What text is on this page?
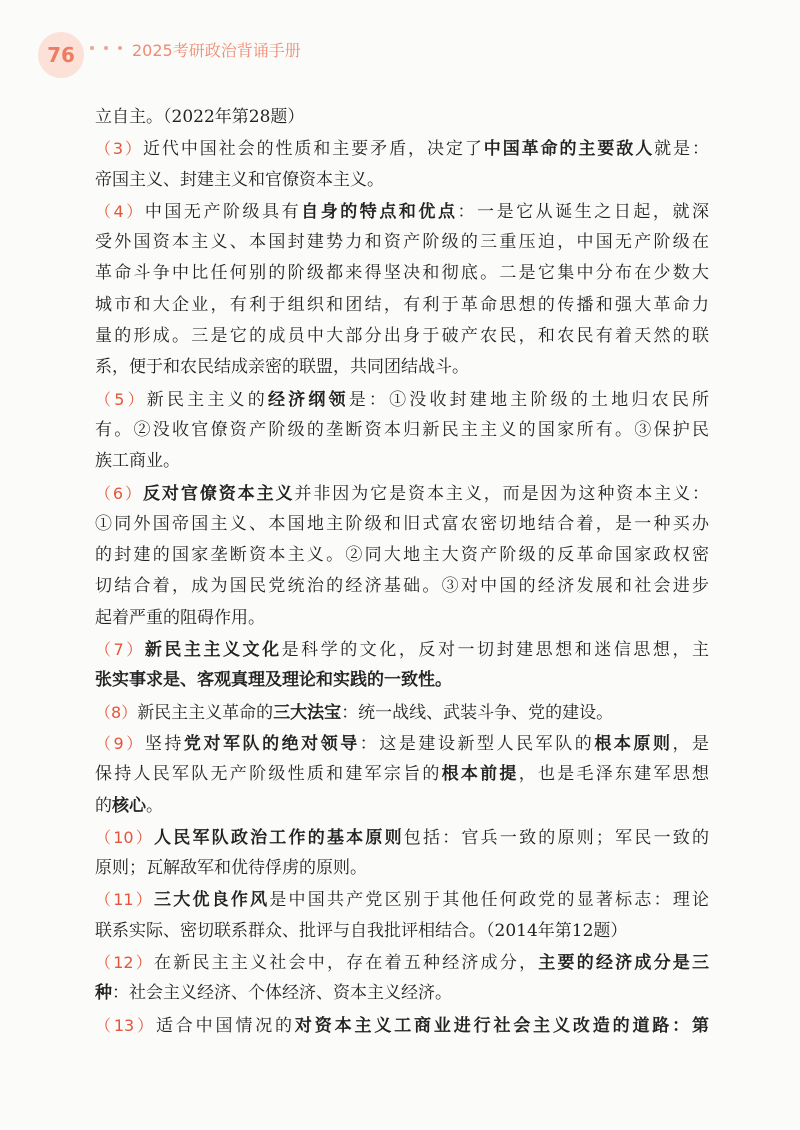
76	2025考研政治背诵手册
立自主。（2022年第28题）
（3）近代中国社会的性质和主要矛盾，决定了中国革命的主要敌人就是：
帝国主义、封建主义和官僚资本主义。
（4）中国无产阶级具有自身的特点和优点：一是它从诞生之日起，就深
受外国资本主义、本国封建势力和资产阶级的三重压迫，中国无产阶级在
革命斗争中比任何别的阶级都来得坚决和彻底。二是它集中分布在少数大
城市和大企业，有利于组织和团结，有利于革命思想的传播和强大革命力
量的形成。三是它的成员中大部分出身于破产农民，和农民有着天然的联
系，便于和农民结成亲密的联盟，共同团结战斗。
（5）新民主主义的经济纲领是：①没收封建地主阶级的土地归农民所
有。②没收官僚资产阶级的垄断资本归新民主主义的国家所有。③保护民
族工商业。
（6）反对官僚资本主义并非因为它是资本主义，而是因为这种资本主义：
①同外国帝国主义、本国地主阶级和旧式富农密切地结合着，是一种买办
的封建的国家垄断资本主义。②同大地主大资产阶级的反革命国家政权密
切结合着，成为国民党统治的经济基础。③对中国的经济发展和社会进步
起着严重的阻碍作用。
（7）新民主主义文化是科学的文化，反对一切封建思想和迷信思想，主
张实事求是、客观真理及理论和实践的一致性。
（8）新民主主义革命的三大法宝：统一战线、武装斗争、党的建设。
（9）坚持党对军队的绝对领导：这是建设新型人民军队的根本原则，是
保持人民军队无产阶级性质和建军宗旨的根本前提，也是毛泽东建军思想
的核心。
（10）人民军队政治工作的基本原则包括：官兵一致的原则；军民一致的
原则；瓦解敌军和优待俘虏的原则。
（11）三大优良作风是中国共产党区别于其他任何政党的显著标志：理论
联系实际、密切联系群众、批评与自我批评相结合。（2014年第12题）
（12）在新民主主义社会中，存在着五种经济成分，主要的经济成分是三
种：社会主义经济、个体经济、资本主义经济。
（13）适合中国情况的对资本主义工商业进行社会主义改造的道路：第
